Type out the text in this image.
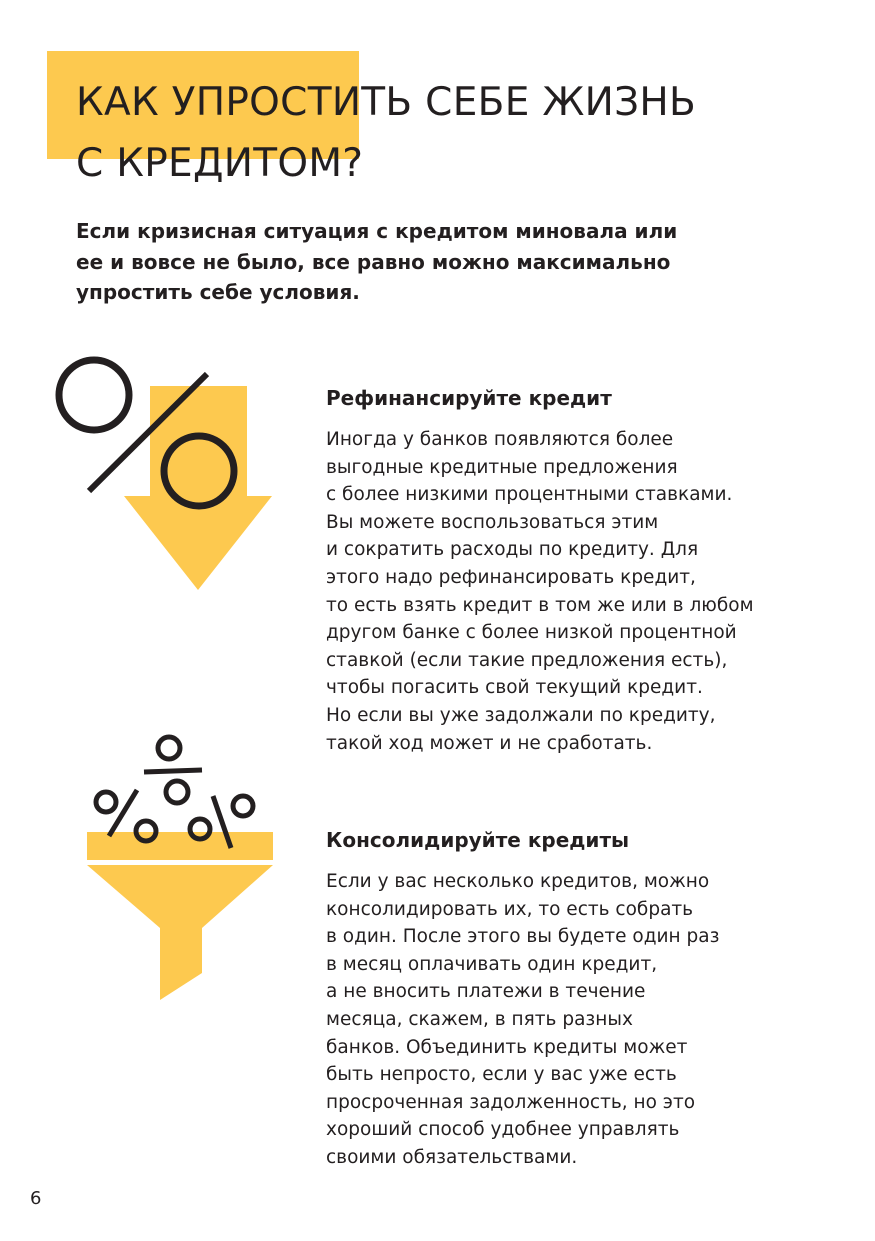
КАК УПРОСТИТЬ СЕБЕ ЖИЗНЬ
С КРЕДИТОМ?

Если кризисная ситуация с кредитом миновала или
ее и вовсе не было, все равно можно максимально
упростить себе условия.

Рефинансируйте кредит
Иногда у банков появляются более
выгодные кредитные предложения
с более низкими процентными ставками.
Вы можете воспользоваться этим
и сократить расходы по кредиту. Для
этого надо рефинансировать кредит,
то есть взять кредит в том же или в любом
другом банке с более низкой процентной
ставкой (если такие предложения есть),
чтобы погасить свой текущий кредит.
Но если вы уже задолжали по кредиту,
такой ход может и не сработать.
Консолидируйте кредиты
Если у вас несколько кредитов, можно
консолидировать их, то есть собрать
в один. После этого вы будете один раз
в месяц оплачивать один кредит,
а не вносить платежи в течение
месяца, скажем, в пять разных
банков. Объединить кредиты может
быть непросто, если у вас уже есть
просроченная задолженность, но это
хороший способ удобнее управлять
своими обязательствами.
6
